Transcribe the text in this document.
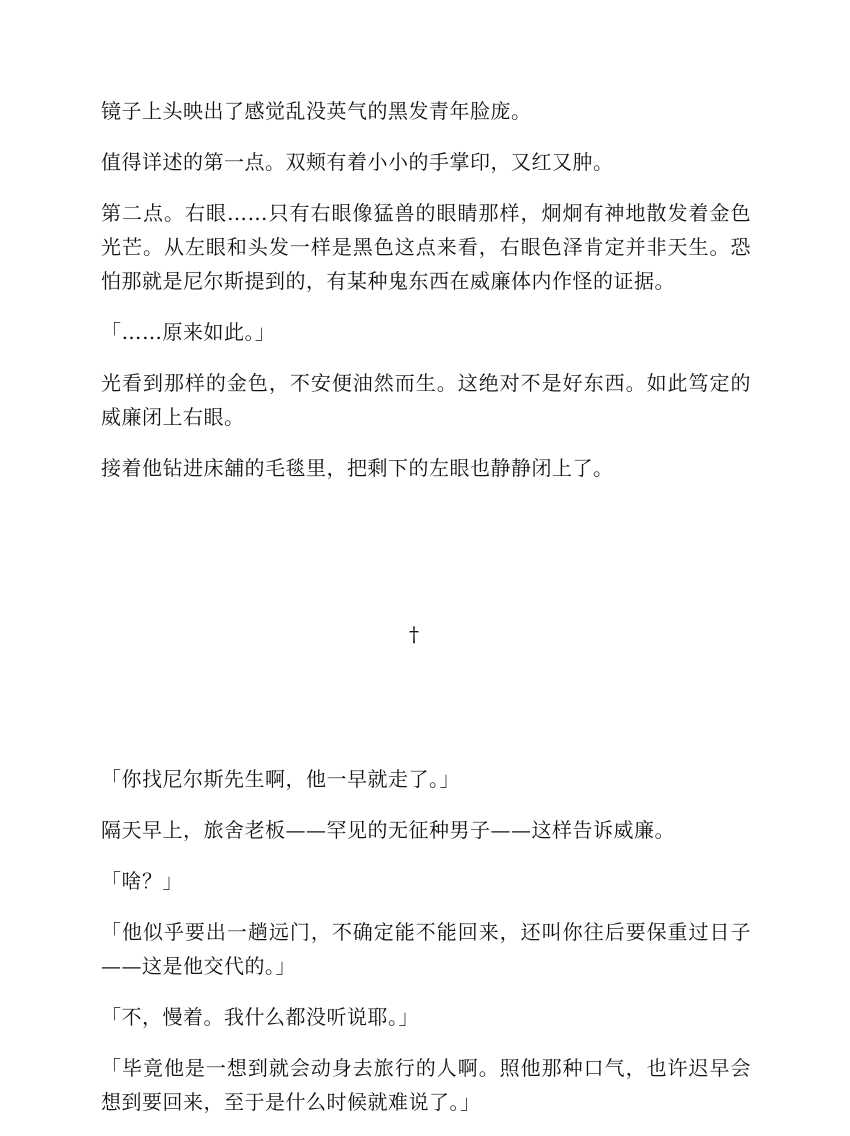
镜子上头映出了感觉乱没英气的黑发青年脸庞。

值得详述的第一点。双颊有着小小的手掌印，又红又肿。

第二点。右眼……只有右眼像猛兽的眼睛那样，炯炯有神地散发着金色光芒。从左眼和头发一样是黑色这点来看，右眼色泽肯定并非天生。恐怕那就是尼尔斯提到的，有某种鬼东西在威廉体内作怪的证据。

「……原来如此。」

光看到那样的金色，不安便油然而生。这绝对不是好东西。如此笃定的威廉闭上右眼。

接着他钻进床舖的毛毯里，把剩下的左眼也静静闭上了。

†

「你找尼尔斯先生啊，他一早就走了。」

隔天早上，旅舍老板——罕见的无征种男子——这样告诉威廉。

「啥？」

「他似乎要出一趟远门，不确定能不能回来，还叫你往后要保重过日子——这是他交代的。」

「不，慢着。我什么都没听说耶。」

「毕竟他是一想到就会动身去旅行的人啊。照他那种口气，也许迟早会想到要回来，至于是什么时候就难说了。」
